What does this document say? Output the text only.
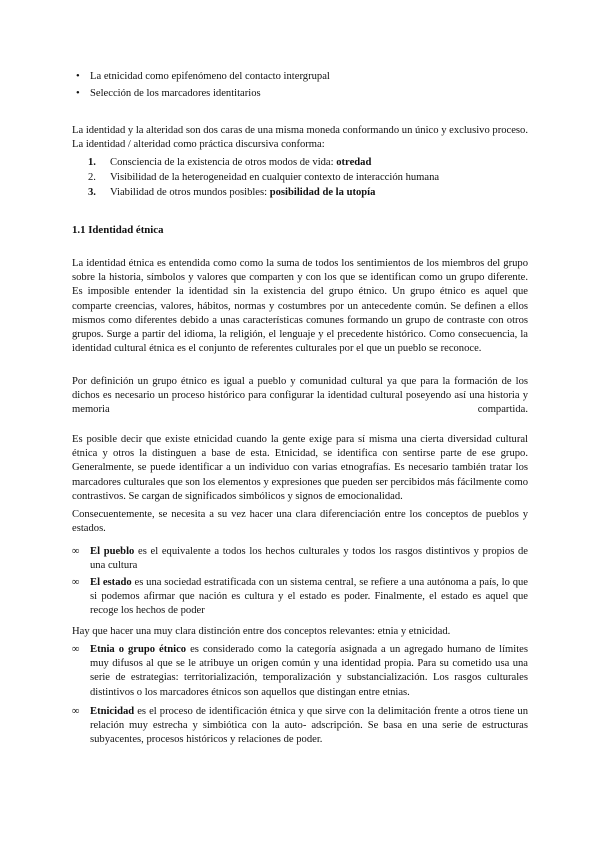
• La etnicidad como epifenómeno del contacto intergrupal
• Selección de los marcadores identitarios
La identidad y la alteridad son dos caras de una misma moneda conformando un único y exclusivo proceso. La identidad / alteridad como práctica discursiva conforma:
1.	Consciencia de la existencia de otros modos de vida: otredad
2.	Visibilidad de la heterogeneidad en cualquier contexto de interacción humana
3.	Viabilidad de otros mundos posibles: posibilidad de la utopía
1.1 Identidad étnica
La identidad étnica es entendida como como la suma de todos los sentimientos de los miembros del grupo sobre la historia, símbolos y valores que comparten y con los que se identifican como un grupo diferente. Es imposible entender la identidad sin la existencia del grupo étnico. Un grupo étnico es aquel que comparte creencias, valores, hábitos, normas y costumbres por un antecedente común. Se definen a ellos mismos como diferentes debido a unas características comunes formando un grupo de contraste con otros grupos. Surge a partir del idioma, la religión, el lenguaje y el precedente histórico. Como consecuencia, la identidad cultural étnica es el conjunto de referentes culturales por el que un pueblo se reconoce.
Por definición un grupo étnico es igual a pueblo y comunidad cultural ya que para la formación de los dichos es necesario un proceso histórico para configurar la identidad cultural poseyendo así una historia y memoria compartida.
Es posible decir que existe etnicidad cuando la gente exige para sí misma una cierta diversidad cultural étnica y otros la distinguen a base de esta. Etnicidad, se identifica con sentirse parte de ese grupo. Generalmente, se puede identificar a un individuo con varias etnografías. Es necesario también tratar los marcadores culturales que son los elementos y expresiones que pueden ser percibidos más fácilmente como contrastivos. Se cargan de significados simbólicos y signos de emocionalidad.
Consecuentemente, se necesita a su vez hacer una clara diferenciación entre los conceptos de pueblos y estados.
∞ El pueblo es el equivalente a todos los hechos culturales y todos los rasgos distintivos y propios de una cultura
∞ El estado es una sociedad estratificada con un sistema central, se refiere a una autónoma a país, lo que si podemos afirmar que nación es cultura y el estado es poder. Finalmente, el estado es aquel que recoge los hechos de poder
Hay que hacer una muy clara distinción entre dos conceptos relevantes: etnia y etnicidad.
∞ Etnia o grupo étnico es considerado como la categoría asignada a un agregado humano de límites muy difusos al que se le atribuye un origen común y una identidad propia. Para su cometido usa una serie de estrategias: territorialización, temporalización y substancialización. Los rasgos culturales distintivos o los marcadores étnicos son aquellos que distingan entre etnias.
∞ Etnicidad es el proceso de identificación étnica y que sirve con la delimitación frente a otros tiene un relación muy estrecha y simbiótica con la auto- adscripción. Se basa en una serie de estructuras subyacentes, procesos históricos y relaciones de poder.
